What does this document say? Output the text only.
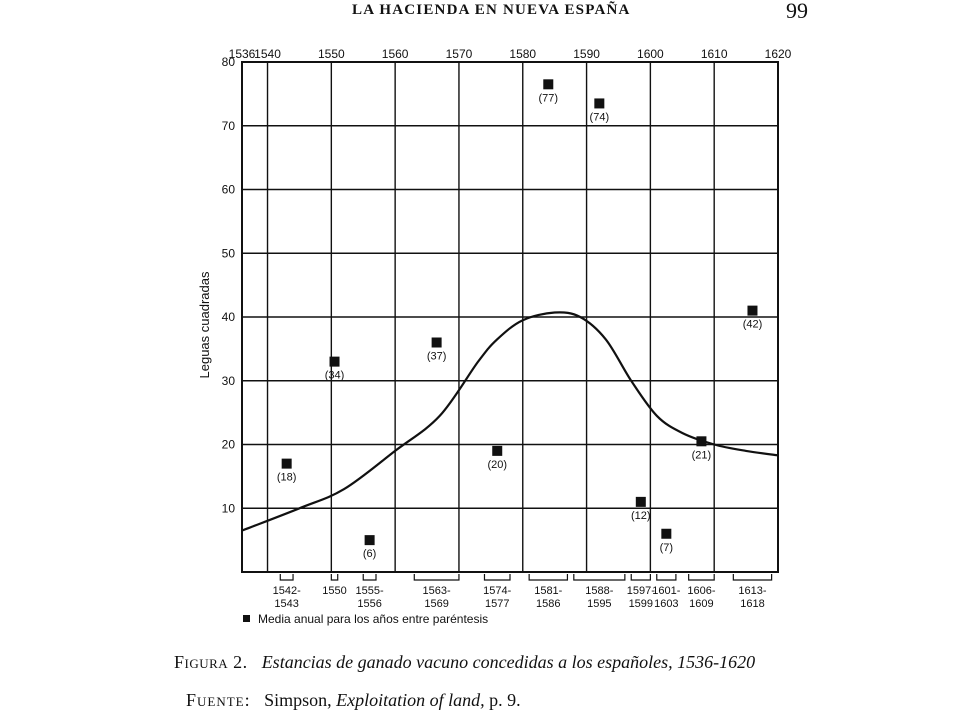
LA HACIENDA EN NUEVA ESPAÑA	99
1536
1540	1550	1560	1570	1580	1590	1600	1610	1620
10
20
30
40
50
60
70
80
(18)
(34)
(6)
(37)
(20)
(77)
(74)
(12)
(7)
(21)
(42)
1542-1543
1550 1555-1556
1563-1569
1574-1577
1581-1586
1588-1595
1597-1599
1601-1603
1606-1609
1613-1618
Leguas cuadradas
Media anual para los años entre paréntesis
Figura 2. Estancias de ganado vacuno concedidas a los españoles, 1536-1620
Fuente: Simpson, Exploitation of land, p. 9.
